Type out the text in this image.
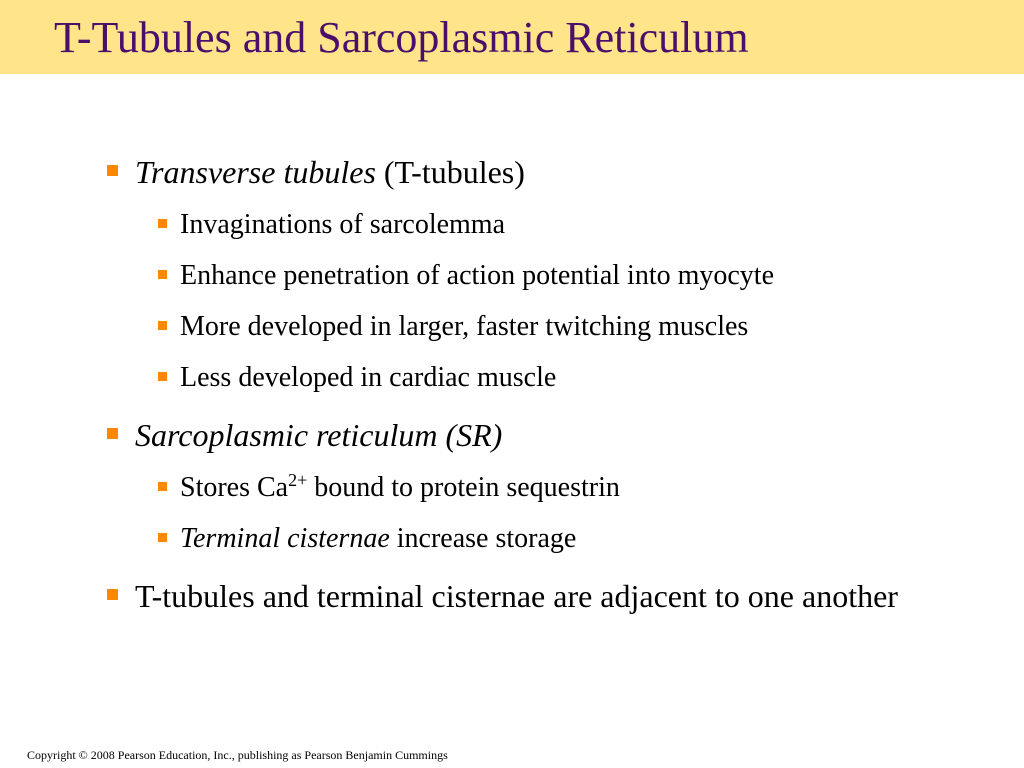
T-Tubules and Sarcoplasmic Reticulum
Transverse tubules (T-tubules)
Invaginations of sarcolemma
Enhance penetration of action potential into myocyte
More developed in larger, faster twitching muscles
Less developed in cardiac muscle
Sarcoplasmic reticulum (SR)
Stores $Ca^{2+}$ bound to protein sequestrin
Terminal cisternae increase storage
T-tubules and terminal cisternae are adjacent to one another
Copyright © 2008 Pearson Education, Inc., publishing as Pearson Benjamin Cummings
